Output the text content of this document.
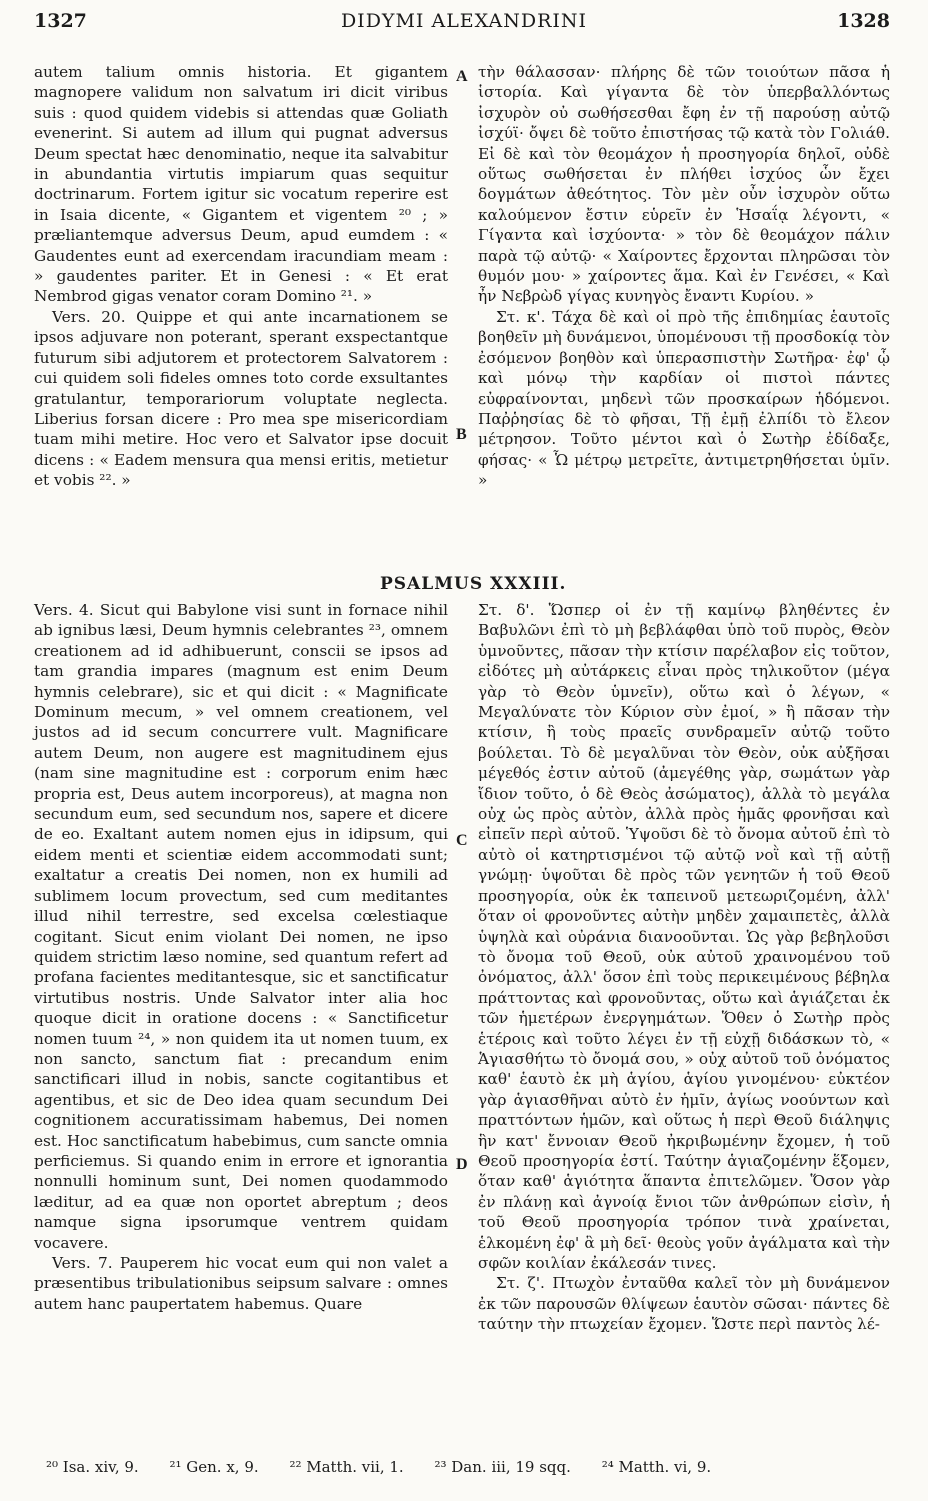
1327	DIDYMI ALEXANDRINI	1328

autem talium omnis historia. Et gigantem magnopere validum non salvatum iri dicit viribus suis : quod quidem videbis si attendas quæ Goliath evenerint. Si autem ad illum qui pugnat adversus Deum spectat hæc denominatio, neque ita salvabitur in abundantia virtutis impiarum quas sequitur doctrinarum. Fortem igitur sic vocatum reperire est in Isaia dicente, « Gigantem et vigentem ²⁰ ; » præliantemque adversus Deum, apud eumdem : « Gaudentes eunt ad exercendam iracundiam meam : » gaudentes pariter. Et in Genesi : « Et erat Nembrod gigas venator coram Domino ²¹. »

Vers. 20. Quippe et qui ante incarnationem se ipsos adjuvare non poterant, sperant exspectantque futurum sibi adjutorem et protectorem Salvatorem : cui quidem soli fideles omnes toto corde exsultantes gratulantur, temporariorum voluptate neglecta. Liberius forsan dicere : Pro mea spe misericordiam tuam mihi metire. Hoc vero et Salvator ipse docuit dicens : « Eadem mensura qua mensi eritis, metietur et vobis ²². »

τὴν θάλασσαν· πλήρης δὲ τῶν τοιούτων πᾶσα ἡ ἱστορία. Καὶ γίγαντα δὲ τὸν ὑπερβαλλόντως ἰσχυρὸν οὐ σωθήσεσθαι ἔφη ἐν τῇ παρούσῃ αὐτῷ ἰσχύϊ· ὄψει δὲ τοῦτο ἐπιστήσας τῷ κατὰ τὸν Γολιάθ. Εἰ δὲ καὶ τὸν θεομάχον ἡ προσηγορία δηλοῖ, οὐδὲ οὕτως σωθήσεται ἐν πλήθει ἰσχύος ὧν ἔχει δογμάτων ἀθεότητος. Τὸν μὲν οὖν ἰσχυρὸν οὕτω καλούμενον ἔστιν εὑρεῖν ἐν Ἡσαΐᾳ λέγοντι, « Γίγαντα καὶ ἰσχύοντα· » τὸν δὲ θεομάχον πάλιν παρὰ τῷ αὐτῷ· « Χαίροντες ἔρχονται πληρῶσαι τὸν θυμόν μου· » χαίροντες ἅμα. Καὶ ἐν Γενέσει, « Καὶ ἦν Νεβρὼδ γίγας κυνηγὸς ἔναντι Κυρίου. »

Στ. κ'. Τάχα δὲ καὶ οἱ πρὸ τῆς ἐπιδημίας ἑαυτοῖς βοηθεῖν μὴ δυνάμενοι, ὑπομένουσι τῇ προσδοκίᾳ τὸν ἐσόμενον βοηθὸν καὶ ὑπερασπιστὴν Σωτῆρα· ἐφ' ᾧ καὶ μόνῳ τὴν καρδίαν οἱ πιστοὶ πάντες εὐφραίνονται, μηδενὶ τῶν προσκαίρων ἡδόμενοι. Παῤῥησίας δὲ τὸ φῆσαι, Τῇ ἐμῇ ἐλπίδι τὸ ἔλεον μέτρησον. Τοῦτο μέντοι καὶ ὁ Σωτὴρ ἐδίδαξε, φήσας· « Ὧ μέτρῳ μετρεῖτε, ἀντιμετρηθήσεται ὑμῖν. »

A
B
C
D
PSALMUS XXXIII.

Vers. 4. Sicut qui Babylone visi sunt in fornace nihil ab ignibus læsi, Deum hymnis celebrantes ²³, omnem creationem ad id adhibuerunt, conscii se ipsos ad tam grandia impares (magnum est enim Deum hymnis celebrare), sic et qui dicit : « Magnificate Dominum mecum, » vel omnem creationem, vel justos ad id secum concurrere vult. Magnificare autem Deum, non augere est magnitudinem ejus (nam sine magnitudine est : corporum enim hæc propria est, Deus autem incorporeus), at magna non secundum eum, sed secundum nos, sapere et dicere de eo. Exaltant autem nomen ejus in idipsum, qui eidem menti et scientiæ eidem accommodati sunt; exaltatur a creatis Dei nomen, non ex humili ad sublimem locum provectum, sed cum meditantes illud nihil terrestre, sed excelsa cœlestiaque cogitant. Sicut enim violant Dei nomen, ne ipso quidem strictim læso nomine, sed quantum refert ad profana facientes meditantesque, sic et sanctificatur virtutibus nostris. Unde Salvator inter alia hoc quoque dicit in oratione docens : « Sanctificetur nomen tuum ²⁴, » non quidem ita ut nomen tuum, ex non sancto, sanctum fiat : precandum enim sanctificari illud in nobis, sancte cogitantibus et agentibus, et sic de Deo idea quam secundum Dei cognitionem accuratissimam habemus, Dei nomen est. Hoc sanctificatum habebimus, cum sancte omnia perficiemus. Si quando enim in errore et ignorantia nonnulli hominum sunt, Dei nomen quodammodo læditur, ad ea quæ non oportet abreptum ; deos namque signa ipsorumque ventrem quidam vocavere.

Vers. 7. Pauperem hic vocat eum qui non valet a præsentibus tribulationibus seipsum salvare : omnes autem hanc paupertatem habemus. Quare

Στ. δ'. Ὥσπερ οἱ ἐν τῇ καμίνῳ βληθέντες ἐν Βαβυλῶνι ἐπὶ τὸ μὴ βεβλάφθαι ὑπὸ τοῦ πυρὸς, Θεὸν ὑμνοῦντες, πᾶσαν τὴν κτίσιν παρέλαβον εἰς τοῦτον, εἰδότες μὴ αὐτάρκεις εἶναι πρὸς τηλικοῦτον (μέγα γὰρ τὸ Θεὸν ὑμνεῖν), οὕτω καὶ ὁ λέγων, « Μεγαλύνατε τὸν Κύριον σὺν ἐμοί, » ἢ πᾶσαν τὴν κτίσιν, ἢ τοὺς πραεῖς συνδραμεῖν αὐτῷ τοῦτο βούλεται. Τὸ δὲ μεγαλῦναι τὸν Θεὸν, οὐκ αὐξῆσαι μέγεθός ἐστιν αὐτοῦ (ἀμεγέθης γὰρ, σωμάτων γὰρ ἴδιον τοῦτο, ὁ δὲ Θεὸς ἀσώματος), ἀλλὰ τὸ μεγάλα οὐχ ὡς πρὸς αὐτὸν, ἀλλὰ πρὸς ἡμᾶς φρονῆσαι καὶ εἰπεῖν περὶ αὐτοῦ. Ὑψοῦσι δὲ τὸ ὄνομα αὐτοῦ ἐπὶ τὸ αὐτὸ οἱ κατηρτισμένοι τῷ αὐτῷ νοῒ καὶ τῇ αὐτῇ γνώμῃ· ὑψοῦται δὲ πρὸς τῶν γενητῶν ἡ τοῦ Θεοῦ προσηγορία, οὐκ ἐκ ταπεινοῦ μετεωριζομένη, ἀλλ' ὅταν οἱ φρονοῦντες αὐτὴν μηδὲν χαμαιπετὲς, ἀλλὰ ὑψηλὰ καὶ οὐράνια διανοοῦνται. Ὡς γὰρ βεβηλοῦσι τὸ ὄνομα τοῦ Θεοῦ, οὐκ αὐτοῦ χραινομένου τοῦ ὀνόματος, ἀλλ' ὅσον ἐπὶ τοὺς περικειμένους βέβηλα πράττοντας καὶ φρονοῦντας, οὕτω καὶ ἁγιάζεται ἐκ τῶν ἡμετέρων ἐνεργημάτων. Ὅθεν ὁ Σωτὴρ πρὸς ἑτέροις καὶ τοῦτο λέγει ἐν τῇ εὐχῇ διδάσκων τὸ, « Ἁγιασθήτω τὸ ὄνομά σου, » οὐχ αὐτοῦ τοῦ ὀνόματος καθ' ἑαυτὸ ἐκ μὴ ἁγίου, ἁγίου γινομένου· εὐκτέον γὰρ ἁγιασθῆναι αὐτὸ ἐν ἡμῖν, ἁγίως νοούντων καὶ πραττόντων ἡμῶν, καὶ οὕτως ἡ περὶ Θεοῦ διάληψις ἣν κατ' ἔννοιαν Θεοῦ ἠκριβωμένην ἔχομεν, ἡ τοῦ Θεοῦ προσηγορία ἐστί. Ταύτην ἁγιαζομένην ἕξομεν, ὅταν καθ' ἁγιότητα ἅπαντα ἐπιτελῶμεν. Ὅσον γὰρ ἐν πλάνῃ καὶ ἀγνοίᾳ ἔνιοι τῶν ἀνθρώπων εἰσὶν, ἡ τοῦ Θεοῦ προσηγορία τρόπον τινὰ χραίνεται, ἑλκομένη ἐφ' ἃ μὴ δεῖ· θεοὺς γοῦν ἀγάλματα καὶ τὴν σφῶν κοιλίαν ἐκάλεσάν τινες.

Στ. ζ'. Πτωχὸν ἐνταῦθα καλεῖ τὸν μὴ δυνάμενον ἐκ τῶν παρουσῶν θλίψεων ἑαυτὸν σῶσαι· πάντες δὲ ταύτην τὴν πτωχείαν ἔχομεν. Ὥστε περὶ παντὸς λέ-

²⁰ Isa. xiv, 9. ²¹ Gen. x, 9. ²² Matth. vii, 1. ²³ Dan. iii, 19 sqq. ²⁴ Matth. vi, 9.
